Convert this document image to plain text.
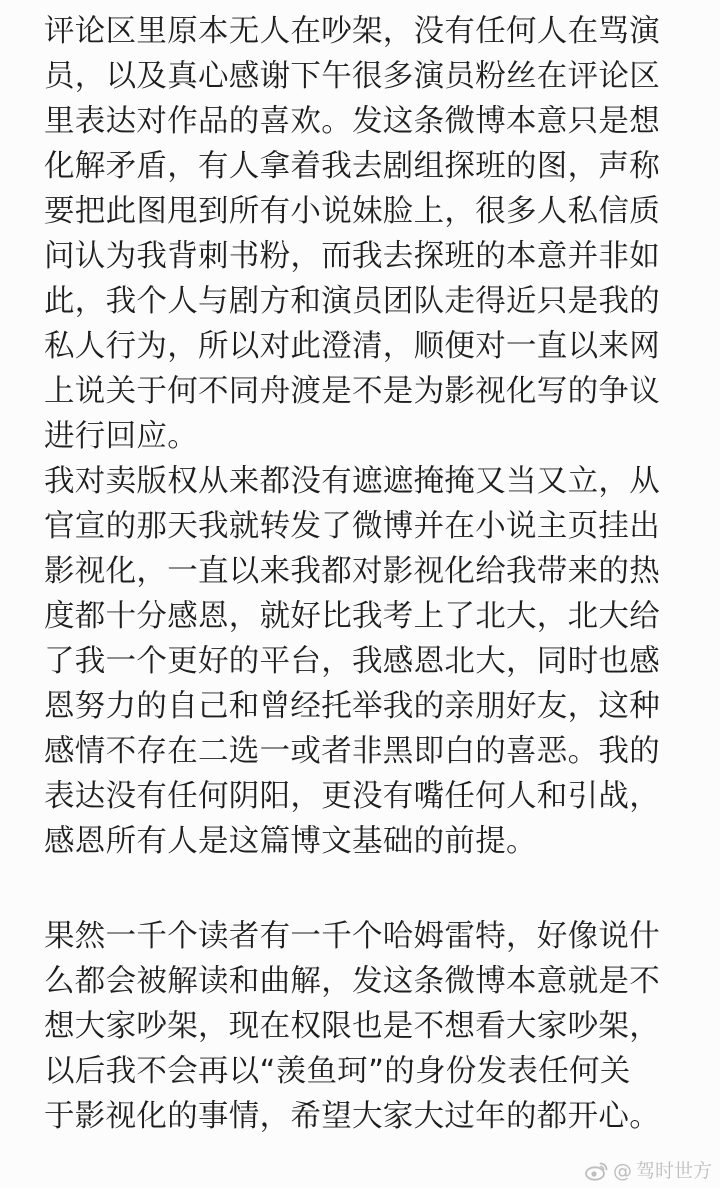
评论区里原本无人在吵架，没有任何人在骂演
员，以及真心感谢下午很多演员粉丝在评论区
里表达对作品的喜欢。发这条微博本意只是想
化解矛盾，有人拿着我去剧组探班的图，声称
要把此图甩到所有小说妹脸上，很多人私信质
问认为我背刺书粉，而我去探班的本意并非如
此，我个人与剧方和演员团队走得近只是我的
私人行为，所以对此澄清，顺便对一直以来网
上说关于何不同舟渡是不是为影视化写的争议
进行回应。
我对卖版权从来都没有遮遮掩掩又当又立，从
官宣的那天我就转发了微博并在小说主页挂出
影视化，一直以来我都对影视化给我带来的热
度都十分感恩，就好比我考上了北大，北大给
了我一个更好的平台，我感恩北大，同时也感
恩努力的自己和曾经托举我的亲朋好友，这种
感情不存在二选一或者非黑即白的喜恶。我的
表达没有任何阴阳，更没有嘴任何人和引战，
感恩所有人是这篇博文基础的前提。
果然一千个读者有一千个哈姆雷特，好像说什
么都会被解读和曲解，发这条微博本意就是不
想大家吵架，现在权限也是不想看大家吵架，
以后我不会再以“羡鱼珂”的身份发表任何关
于影视化的事情，希望大家大过年的都开心。
@ 驾时世方
